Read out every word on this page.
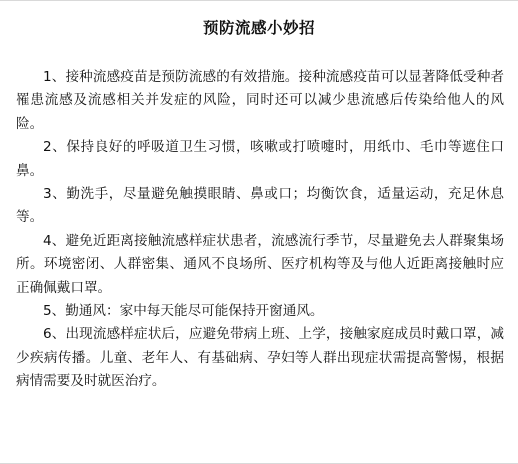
预防流感小妙招

1、接种流感疫苗是预防流感的有效措施。接种流感疫苗可以显著降低受种者罹患流感及流感相关并发症的风险，同时还可以减少患流感后传染给他人的风险。

2、保持良好的呼吸道卫生习惯，咳嗽或打喷嚏时，用纸巾、毛巾等遮住口鼻。

3、勤洗手，尽量避免触摸眼睛、鼻或口；均衡饮食，适量运动，充足休息等。

4、避免近距离接触流感样症状患者，流感流行季节，尽量避免去人群聚集场所。环境密闭、人群密集、通风不良场所、医疗机构等及与他人近距离接触时应正确佩戴口罩。

5、勤通风：家中每天能尽可能保持开窗通风。

6、出现流感样症状后，应避免带病上班、上学，接触家庭成员时戴口罩，减少疾病传播。儿童、老年人、有基础病、孕妇等人群出现症状需提高警惕，根据病情需要及时就医治疗。
